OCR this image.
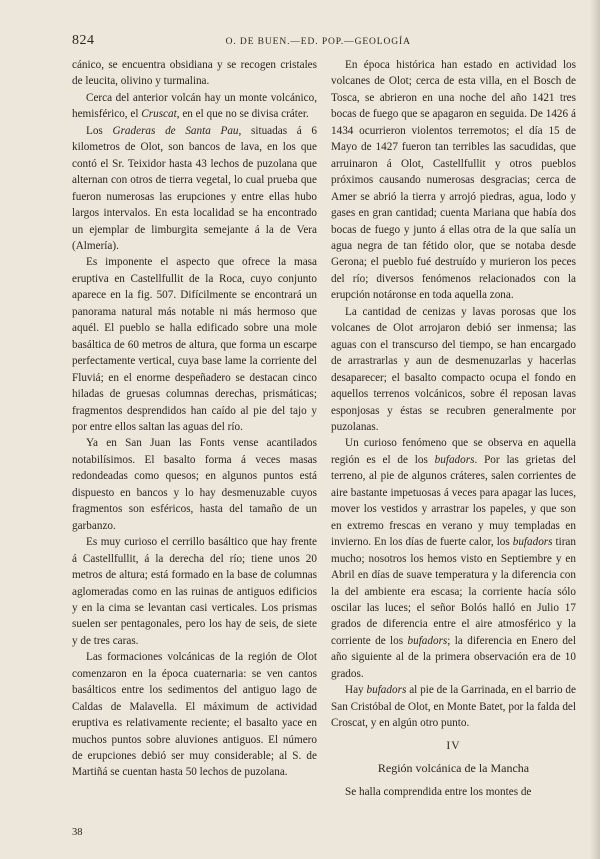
824	O. DE BUEN.—ED. POP.—GEOLOGÍA

cánico, se encuentra obsidiana y se recogen cristales de leucita, olivino y turmalina.

Cerca del anterior volcán hay un monte volcánico, hemisférico, el Cruscat, en el que no se divisa cráter.

Los Graderas de Santa Pau, situadas á 6 kilometros de Olot, son bancos de lava, en los que contó el Sr. Teixidor hasta 43 lechos de puzolana que alternan con otros de tierra vegetal, lo cual prueba que fueron numerosas las erupciones y entre ellas hubo largos intervalos. En esta localidad se ha encontrado un ejemplar de limburgita semejante á la de Vera (Almería).

Es imponente el aspecto que ofrece la masa eruptiva en Castellfullit de la Roca, cuyo conjunto aparece en la fig. 507. Difícilmente se encontrará un panorama natural más notable ni más hermoso que aquél. El pueblo se halla edificado sobre una mole basáltica de 60 metros de altura, que forma un escarpe perfectamente vertical, cuya base lame la corriente del Fluviá; en el enorme despeñadero se destacan cinco hiladas de gruesas columnas derechas, prismáticas; fragmentos desprendidos han caído al pie del tajo y por entre ellos saltan las aguas del río.

Ya en San Juan las Fonts vense acantilados notabilísimos. El basalto forma á veces masas redondeadas como quesos; en algunos puntos está dispuesto en bancos y lo hay desmenuzable cuyos fragmentos son esféricos, hasta del tamaño de un garbanzo.

Es muy curioso el cerrillo basáltico que hay frente á Castellfullit, á la derecha del río; tiene unos 20 metros de altura; está formado en la base de columnas aglomeradas como en las ruinas de antiguos edificios y en la cima se levantan casi verticales. Los prismas suelen ser pentagonales, pero los hay de seis, de siete y de tres caras.

Las formaciones volcánicas de la región de Olot comenzaron en la época cuaternaria: se ven cantos basálticos entre los sedimentos del antiguo lago de Caldas de Malavella. El máximum de actividad eruptiva es relativamente reciente; el basalto yace en muchos puntos sobre aluviones antiguos. El número de erupciones debió ser muy considerable; al S. de Martiñá se cuentan hasta 50 lechos de puzolana.

En época histórica han estado en actividad los volcanes de Olot; cerca de esta villa, en el Bosch de Tosca, se abrieron en una noche del año 1421 tres bocas de fuego que se apagaron en seguida. De 1426 á 1434 ocurrieron violentos terremotos; el día 15 de Mayo de 1427 fueron tan terribles las sacudidas, que arruinaron á Olot, Castellfullit y otros pueblos próximos causando numerosas desgracias; cerca de Amer se abrió la tierra y arrojó piedras, agua, lodo y gases en gran cantidad; cuenta Mariana que había dos bocas de fuego y junto á ellas otra de la que salía un agua negra de tan fétido olor, que se notaba desde Gerona; el pueblo fué destruído y murieron los peces del río; diversos fenómenos relacionados con la erupción notáronse en toda aquella zona.

La cantidad de cenizas y lavas porosas que los volcanes de Olot arrojaron debió ser inmensa; las aguas con el transcurso del tiempo, se han encargado de arrastrarlas y aun de desmenuzarlas y hacerlas desaparecer; el basalto compacto ocupa el fondo en aquellos terrenos volcánicos, sobre él reposan lavas esponjosas y éstas se recubren generalmente por puzolanas.

Un curioso fenómeno que se observa en aquella región es el de los bufadors. Por las grietas del terreno, al pie de algunos cráteres, salen corrientes de aire bastante impetuosas á veces para apagar las luces, mover los vestidos y arrastrar los papeles, y que son en extremo frescas en verano y muy templadas en invierno. En los días de fuerte calor, los bufadors tiran mucho; nosotros los hemos visto en Septiembre y en Abril en días de suave temperatura y la diferencia con la del ambiente era escasa; la corriente hacía sólo oscilar las luces; el señor Bolós halló en Julio 17 grados de diferencia entre el aire atmosférico y la corriente de los bufadors; la diferencia en Enero del año siguiente al de la primera observación era de 10 grados.

Hay bufadors al pie de la Garrinada, en el barrio de San Cristóbal de Olot, en Monte Batet, por la falda del Croscat, y en algún otro punto.

IV
Región volcánica de la Mancha

Se halla comprendida entre los montes de

38
